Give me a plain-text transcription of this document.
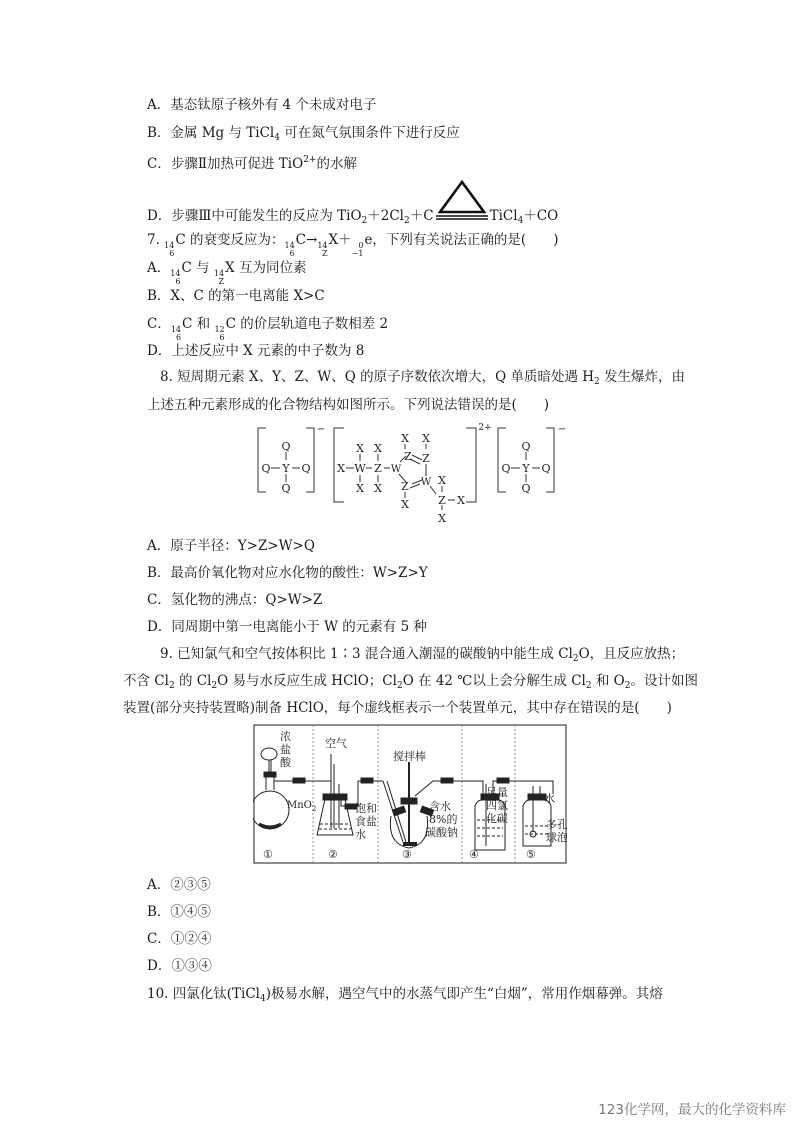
A．基态钛原子核外有 4 个未成对电子
B．金属 Mg 与 TiCl$_4$ 可在氮气氛围条件下进行反应
C．步骤Ⅱ加热可促进 TiO$^{2+}$的水解
D．步骤Ⅲ中可能发生的反应为 $TiO_2+2Cl_2+C$	TiCl$_4$＋CO
7. 14
6
C 的衰变反应为： 14
6
C→ 14
Z
X＋ 0
−1
e，下列有关说法正确的是(　　)
A． 14
6
C 与 14
Z
X 互为同位素
B．X、C 的第一电离能 X>C
C． 14
6
C 和 12
6
C 的价层轨道电子数相差 2
D．上述反应中 X 元素的中子数为 8
8. 短周期元素 X、Y、Z、W、Q 的原子序数依次增大，Q 单质暗处遇 $H_2$ 发生爆炸，由
上述五种元素形成的化合物结构如图所示。下列说法错误的是(　　)
Q
Q Y Q
Q
−
X
X
W
X
X
Z
X
W
X
Z
X
Z
W
Z
X
X
Z X
X
2+
Q
Q Y Q
Q
−
A．原子半径：Y>Z>W>Q
B．最高价氧化物对应水化物的酸性：W>Z>Y
C．氢化物的沸点：Q>W>Z
D．同周期中第一电离能小于 W 的元素有 5 种
9. 已知氯气和空气按体积比 1∶3 混合通入潮湿的碳酸钠中能生成 $Cl_2O$，且反应放热；
不含 $Cl_2$ 的 $Cl_2O$ 易与水反应生成 HClO；$Cl_2O$ 在 42 ℃以上会分解生成 $Cl_2$ 和 $O_2$。设计如图
装置(部分夹持装置略)制备 HClO，每个虚线框表示一个装置单元，其中存在错误的是(　　)
浓
盐
酸
MnO$_2$
空气
饱和
食盐
水
搅拌棒
含水
8%的
碳酸钠
足量
四氯
化碳
水
多孔
球泡
①	②	③	④	⑤
A．②③⑤
B．①④⑤
C．①②④
D．①③④
10. 四氯化钛(TiCl$_4$)极易水解，遇空气中的水蒸气即产生“白烟”，常用作烟幕弹。其熔
123化学网，最大的化学资料库
